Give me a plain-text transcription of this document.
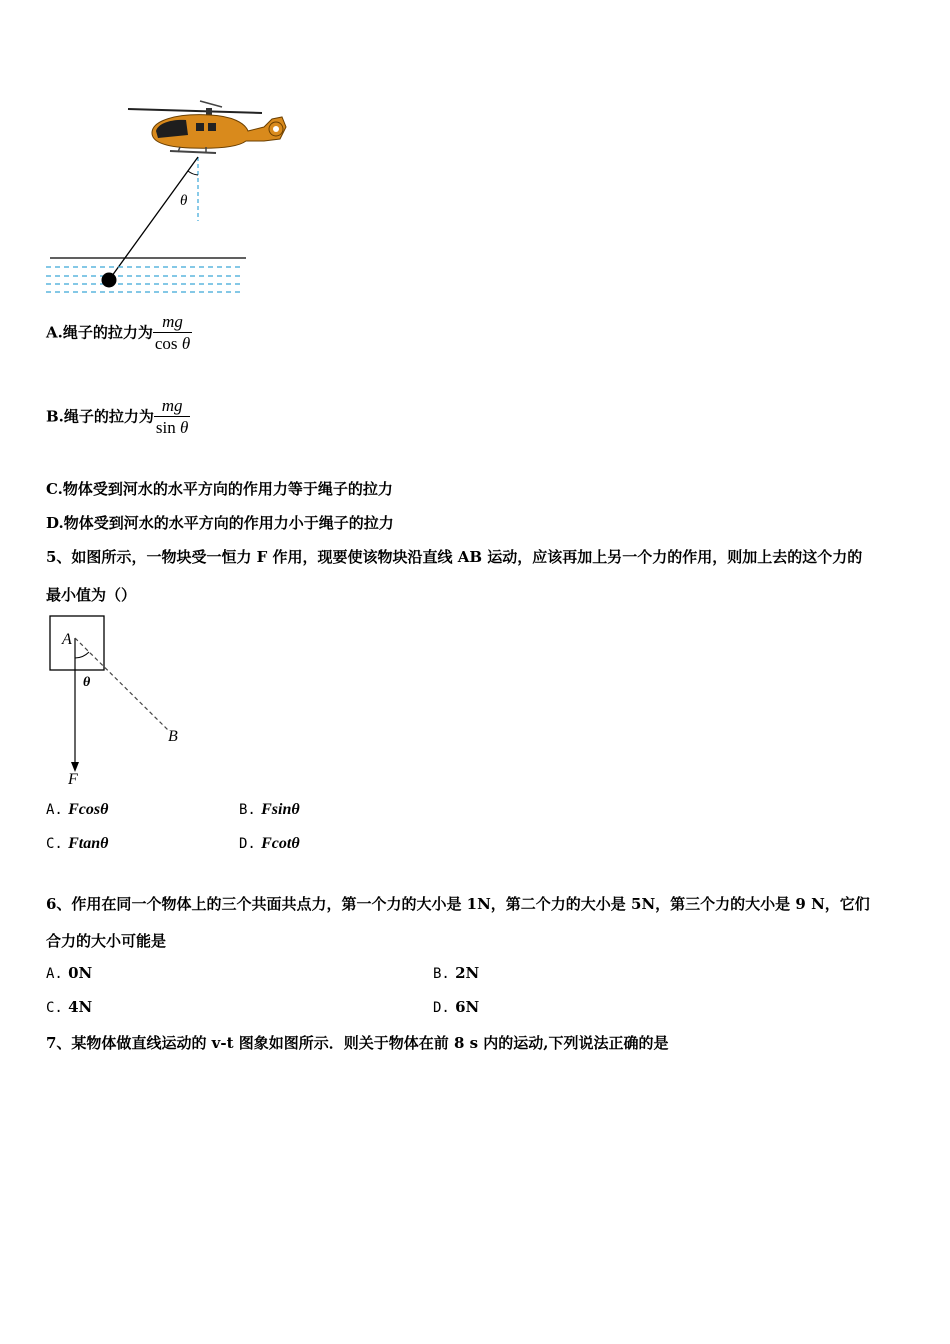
θ
A.绳子的拉力为 $\frac{mg}{\text{cos θ}}$
B.绳子的拉力为 $\frac{mg}{\text{sin θ}}$
C.物体受到河水的水平方向的作用力等于绳子的拉力
D.物体受到河水的水平方向的作用力小于绳子的拉力
5、如图所示，一物块受一恒力 F 作用，现要使该物块沿直线 AB 运动，应该再加上另一个力的作用，则加上去的这个力的
最小值为（）
A
F
B
θ
A. Fcosθ	B. Fsinθ
C. Ftanθ	D. Fcotθ
6、作用在同一个物体上的三个共面共点力，第一个力的大小是 1N，第二个力的大小是 5N，第三个力的大小是 9 N，它们
合力的大小可能是
A. 0N	B. 2N
C. 4N	D. 6N
7、某物体做直线运动的 v-t 图象如图所示．则关于物体在前 8 s 内的运动,下列说法正确的是
